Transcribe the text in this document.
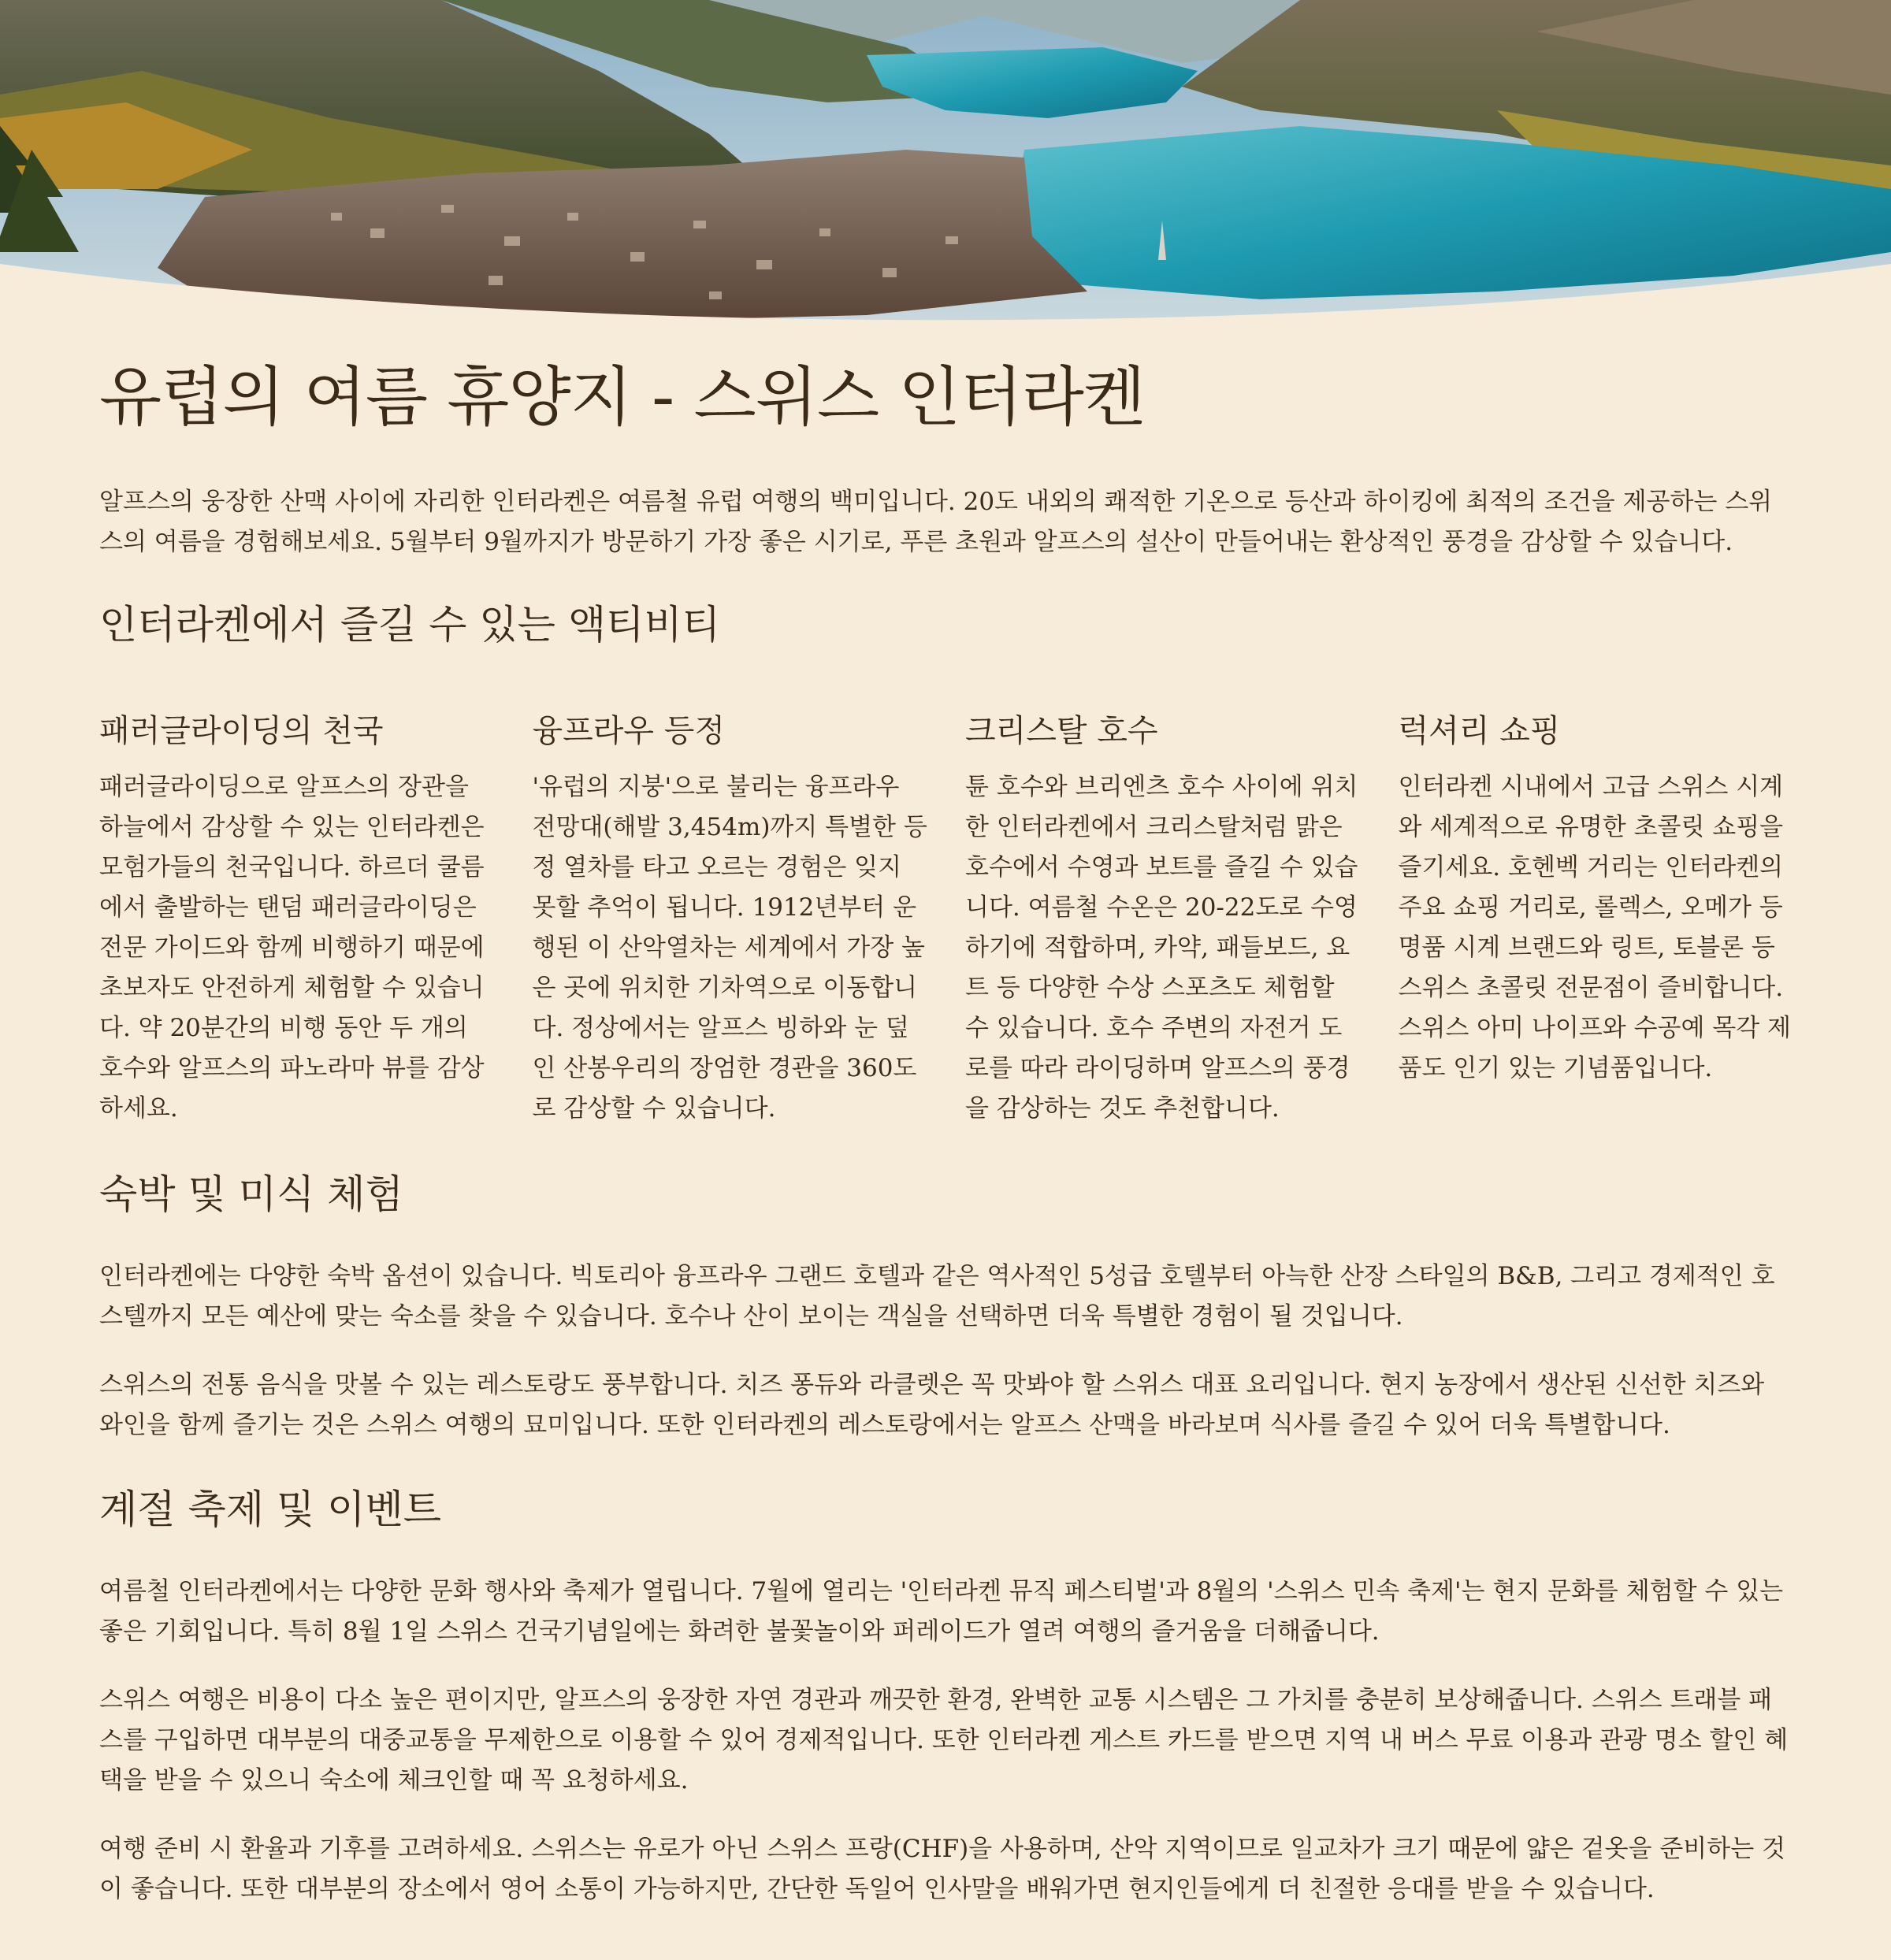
유럽의 여름 휴양지 - 스위스 인터라켄

알프스의 웅장한 산맥 사이에 자리한 인터라켄은 여름철 유럽 여행의 백미입니다. 20도 내외의 쾌적한 기온으로 등산과 하이킹에 최적의 조건을 제공하는 스위스의 여름을 경험해보세요. 5월부터 9월까지가 방문하기 가장 좋은 시기로, 푸른 초원과 알프스의 설산이 만들어내는 환상적인 풍경을 감상할 수 있습니다.

인터라켄에서 즐길 수 있는 액티비티
패러글라이딩의 천국

패러글라이딩으로 알프스의 장관을 하늘에서 감상할 수 있는 인터라켄은 모험가들의 천국입니다. 하르더 쿨름에서 출발하는 탠덤 패러글라이딩은 전문 가이드와 함께 비행하기 때문에 초보자도 안전하게 체험할 수 있습니다. 약 20분간의 비행 동안 두 개의 호수와 알프스의 파노라마 뷰를 감상하세요.

융프라우 등정

'유럽의 지붕'으로 불리는 융프라우 전망대(해발 3,454m)까지 특별한 등정 열차를 타고 오르는 경험은 잊지 못할 추억이 됩니다. 1912년부터 운행된 이 산악열차는 세계에서 가장 높은 곳에 위치한 기차역으로 이동합니다. 정상에서는 알프스 빙하와 눈 덮인 산봉우리의 장엄한 경관을 360도로 감상할 수 있습니다.

크리스탈 호수

튠 호수와 브리엔츠 호수 사이에 위치한 인터라켄에서 크리스탈처럼 맑은 호수에서 수영과 보트를 즐길 수 있습니다. 여름철 수온은 20-22도로 수영하기에 적합하며, 카약, 패들보드, 요트 등 다양한 수상 스포츠도 체험할 수 있습니다. 호수 주변의 자전거 도로를 따라 라이딩하며 알프스의 풍경을 감상하는 것도 추천합니다.

럭셔리 쇼핑

인터라켄 시내에서 고급 스위스 시계와 세계적으로 유명한 초콜릿 쇼핑을 즐기세요. 호헨벡 거리는 인터라켄의 주요 쇼핑 거리로, 롤렉스, 오메가 등 명품 시계 브랜드와 링트, 토블론 등 스위스 초콜릿 전문점이 즐비합니다. 스위스 아미 나이프와 수공예 목각 제품도 인기 있는 기념품입니다.

숙박 및 미식 체험

인터라켄에는 다양한 숙박 옵션이 있습니다. 빅토리아 융프라우 그랜드 호텔과 같은 역사적인 5성급 호텔부터 아늑한 산장 스타일의 B&B, 그리고 경제적인 호스텔까지 모든 예산에 맞는 숙소를 찾을 수 있습니다. 호수나 산이 보이는 객실을 선택하면 더욱 특별한 경험이 될 것입니다.

스위스의 전통 음식을 맛볼 수 있는 레스토랑도 풍부합니다. 치즈 퐁듀와 라클렛은 꼭 맛봐야 할 스위스 대표 요리입니다. 현지 농장에서 생산된 신선한 치즈와 와인을 함께 즐기는 것은 스위스 여행의 묘미입니다. 또한 인터라켄의 레스토랑에서는 알프스 산맥을 바라보며 식사를 즐길 수 있어 더욱 특별합니다.

계절 축제 및 이벤트

여름철 인터라켄에서는 다양한 문화 행사와 축제가 열립니다. 7월에 열리는 '인터라켄 뮤직 페스티벌'과 8월의 '스위스 민속 축제'는 현지 문화를 체험할 수 있는 좋은 기회입니다. 특히 8월 1일 스위스 건국기념일에는 화려한 불꽃놀이와 퍼레이드가 열려 여행의 즐거움을 더해줍니다.

스위스 여행은 비용이 다소 높은 편이지만, 알프스의 웅장한 자연 경관과 깨끗한 환경, 완벽한 교통 시스템은 그 가치를 충분히 보상해줍니다. 스위스 트래블 패스를 구입하면 대부분의 대중교통을 무제한으로 이용할 수 있어 경제적입니다. 또한 인터라켄 게스트 카드를 받으면 지역 내 버스 무료 이용과 관광 명소 할인 혜택을 받을 수 있으니 숙소에 체크인할 때 꼭 요청하세요.

여행 준비 시 환율과 기후를 고려하세요. 스위스는 유로가 아닌 스위스 프랑(CHF)을 사용하며, 산악 지역이므로 일교차가 크기 때문에 얇은 겉옷을 준비하는 것이 좋습니다. 또한 대부분의 장소에서 영어 소통이 가능하지만, 간단한 독일어 인사말을 배워가면 현지인들에게 더 친절한 응대를 받을 수 있습니다.
